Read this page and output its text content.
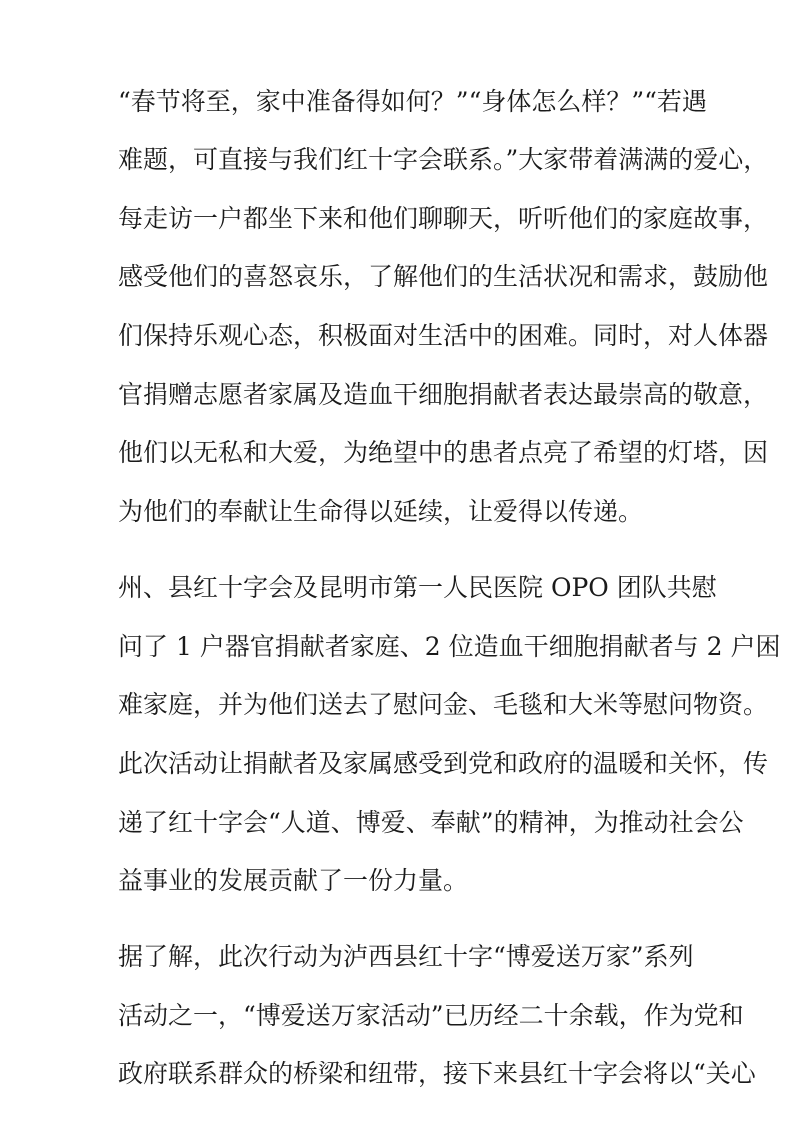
“春节将至，家中准备得如何？”“身体怎么样？”“若遇
难题，可直接与我们红十字会联系。”大家带着满满的爱心，
每走访一户都坐下来和他们聊聊天，听听他们的家庭故事，
感受他们的喜怒哀乐，了解他们的生活状况和需求，鼓励他
们保持乐观心态，积极面对生活中的困难。同时，对人体器
官捐赠志愿者家属及造血干细胞捐献者表达最崇高的敬意，
他们以无私和大爱，为绝望中的患者点亮了希望的灯塔，因
为他们的奉献让生命得以延续，让爱得以传递。
州、县红十字会及昆明市第一人民医院 OPO 团队共慰
问了 1 户器官捐献者家庭、2 位造血干细胞捐献者与 2 户困
难家庭，并为他们送去了慰问金、毛毯和大米等慰问物资。
此次活动让捐献者及家属感受到党和政府的温暖和关怀，传
递了红十字会“人道、博爱、奉献”的精神，为推动社会公
益事业的发展贡献了一份力量。
据了解，此次行动为泸西县红十字“博爱送万家”系列
活动之一，“博爱送万家活动”已历经二十余载，作为党和
政府联系群众的桥梁和纽带，接下来县红十字会将以“关心
